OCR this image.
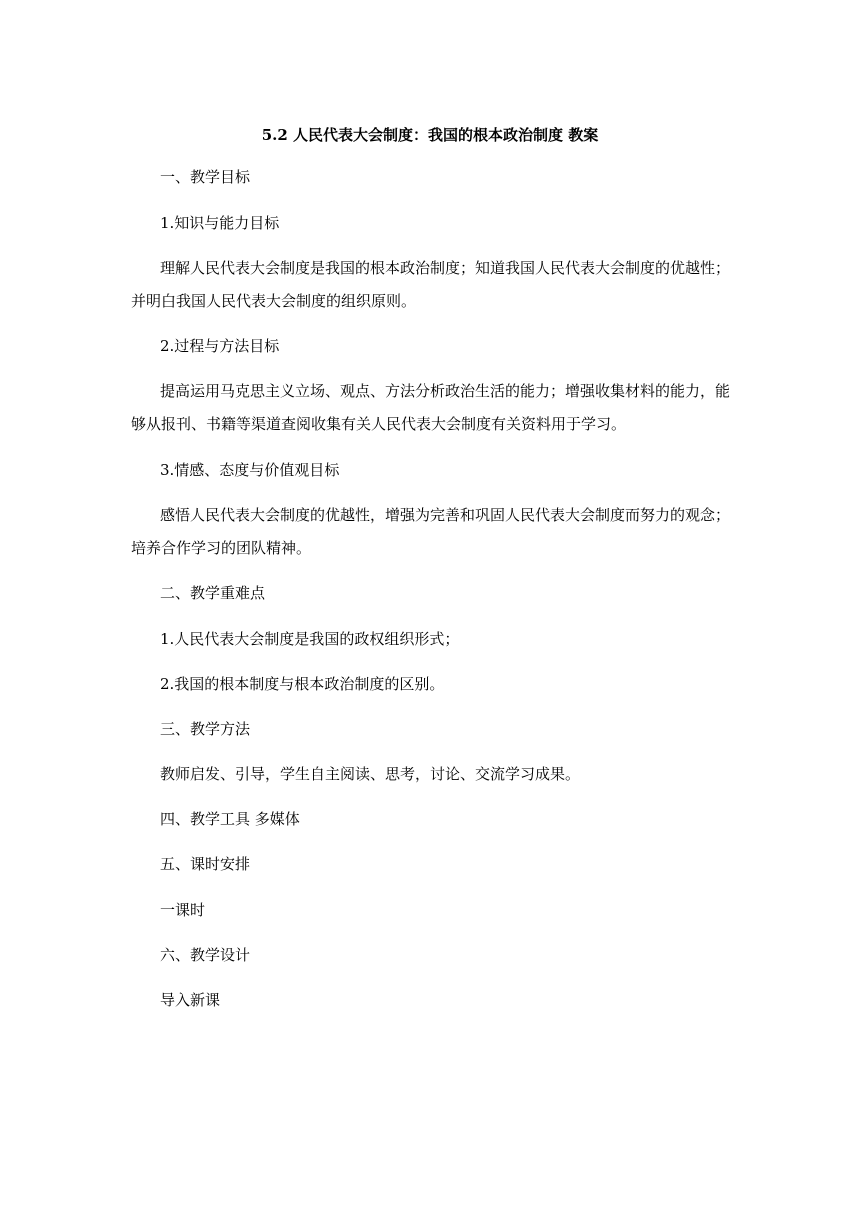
5.2 人民代表大会制度：我国的根本政治制度 教案
一、教学目标
1.知识与能力目标
理解人民代表大会制度是我国的根本政治制度；知道我国人民代表大会制度的优越性；
并明白我国人民代表大会制度的组织原则。
2.过程与方法目标
提高运用马克思主义立场、观点、方法分析政治生活的能力；增强收集材料的能力，能
够从报刊、书籍等渠道查阅收集有关人民代表大会制度有关资料用于学习。
3.情感、态度与价值观目标
感悟人民代表大会制度的优越性，增强为完善和巩固人民代表大会制度而努力的观念；
培养合作学习的团队精神。
二、教学重难点
1.人民代表大会制度是我国的政权组织形式；
2.我国的根本制度与根本政治制度的区别。
三、教学方法
教师启发、引导，学生自主阅读、思考，讨论、交流学习成果。
四、教学工具 多媒体
五、课时安排
一课时
六、教学设计
导入新课
